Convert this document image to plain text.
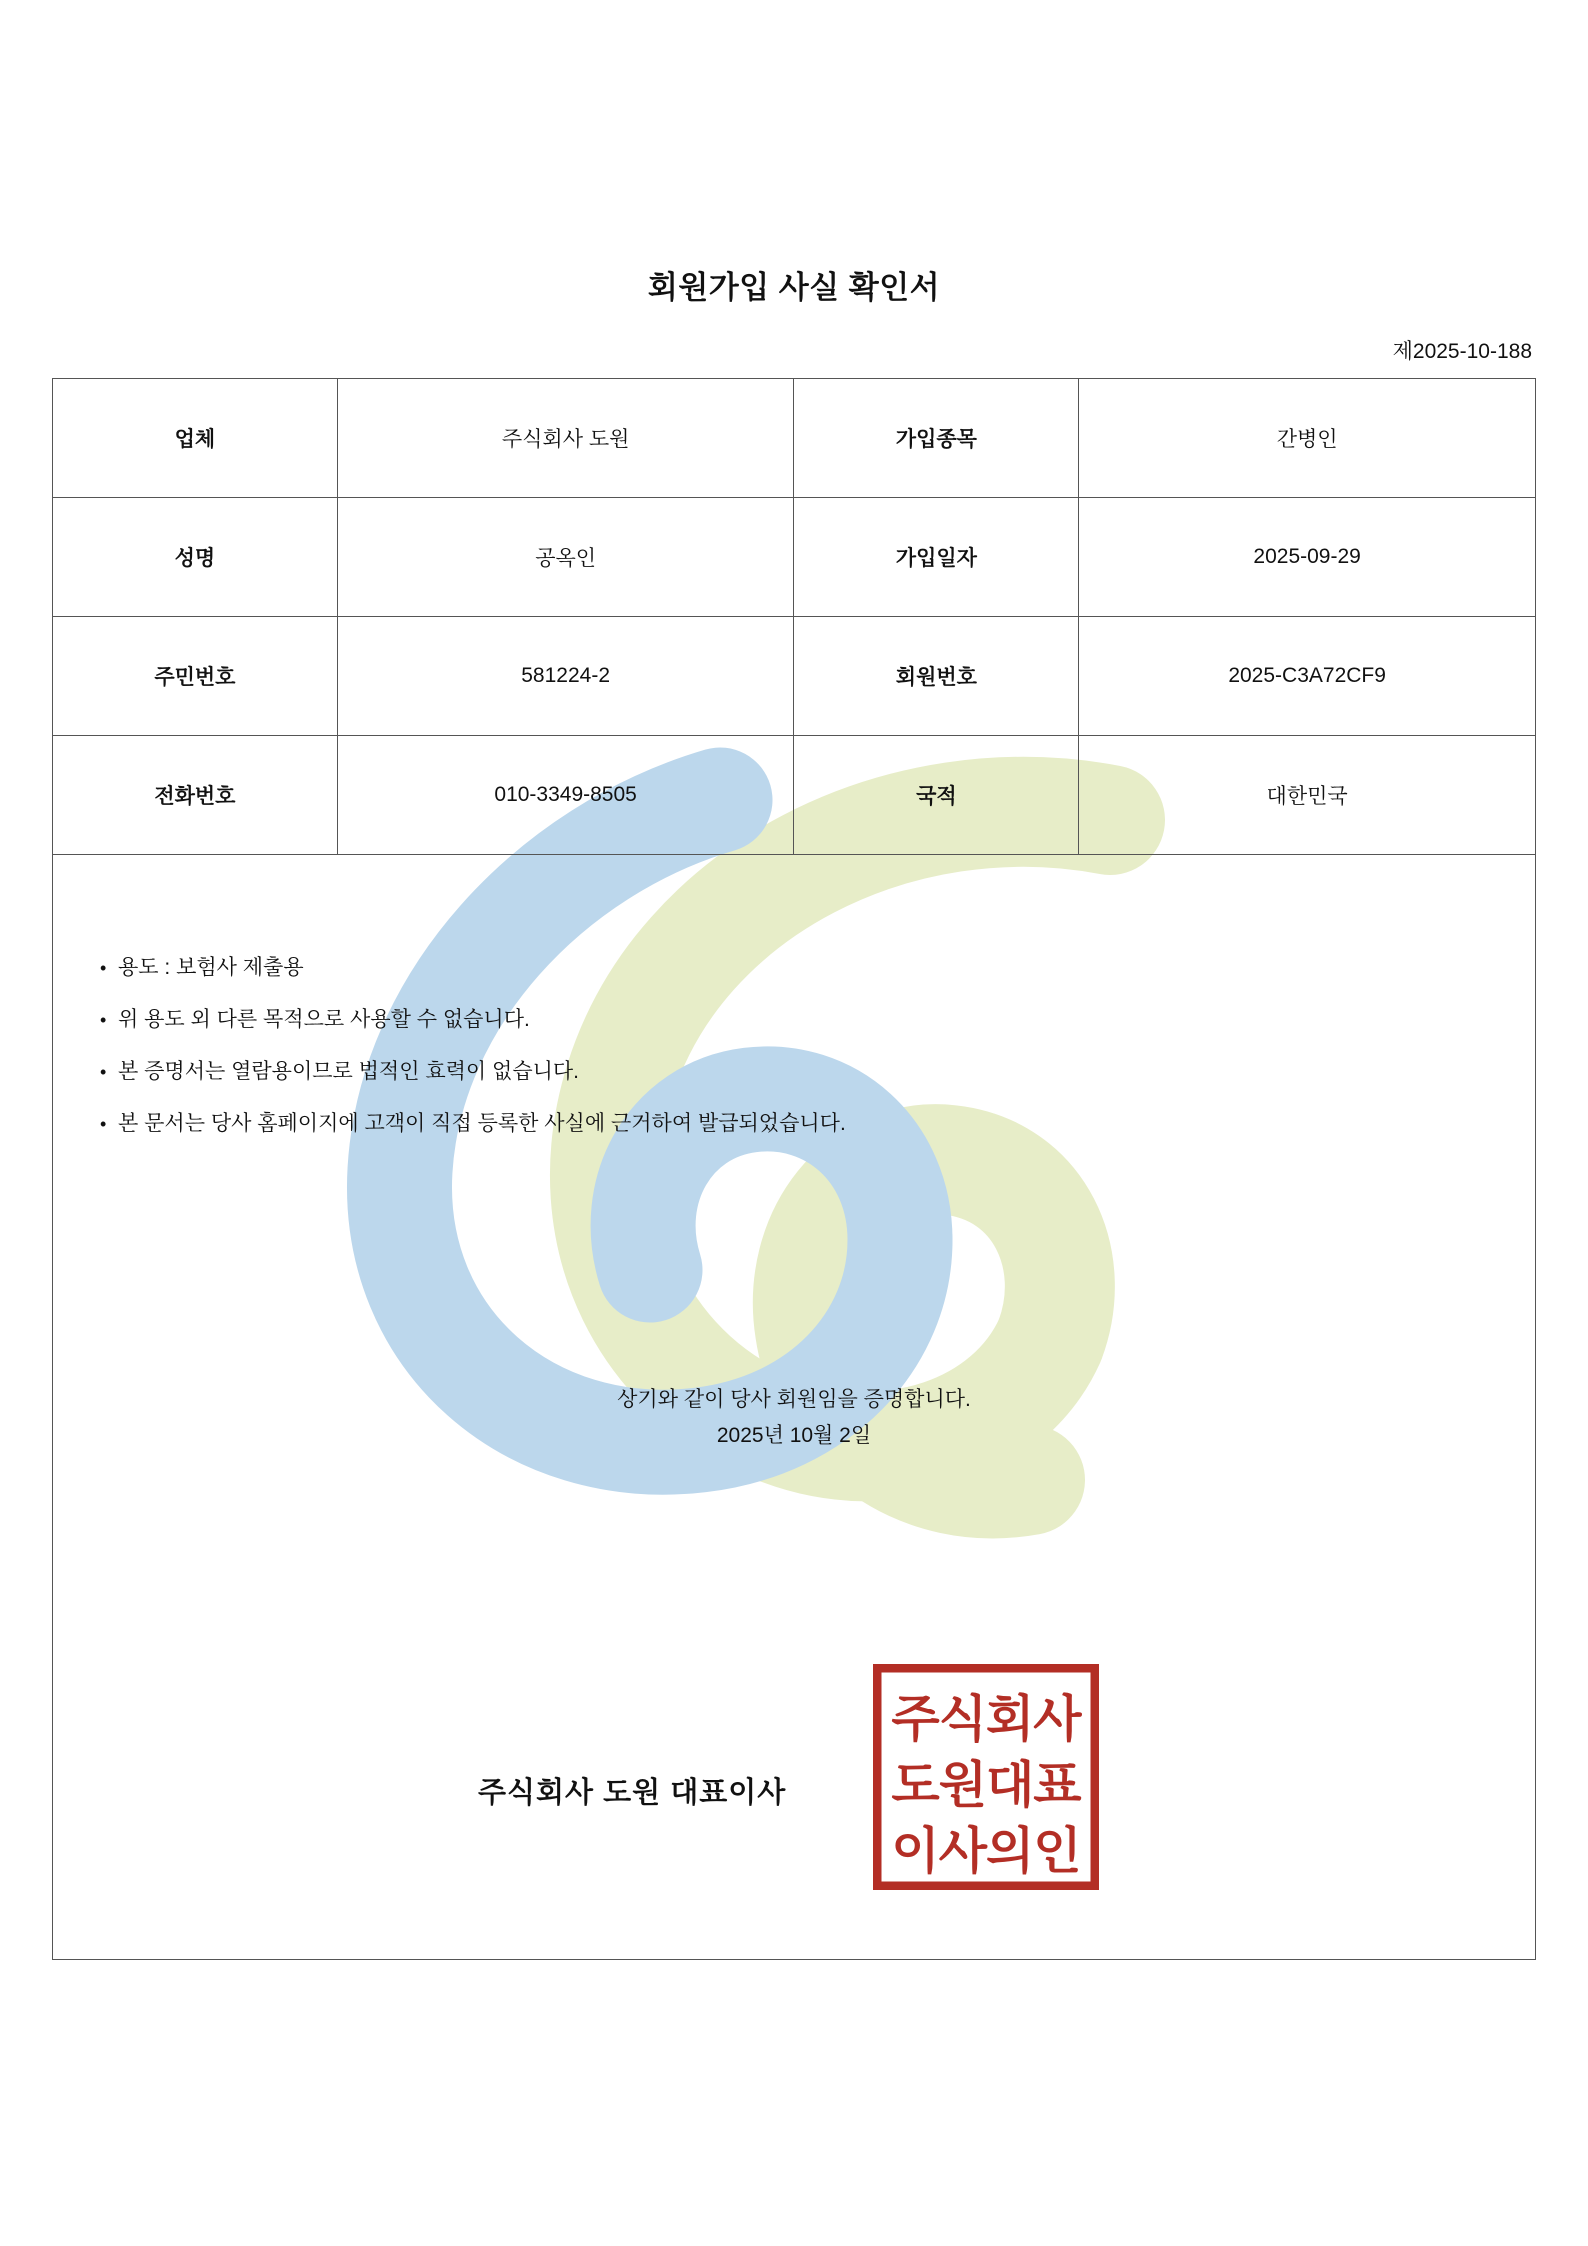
회원가입 사실 확인서
제2025-10-188
업체	주식회사 도원	가입종목	간병인
성명	공옥인	가입일자	2025-09-29
주민번호	581224-2	회원번호	2025-C3A72CF9
전화번호	010-3349-8505	국적	대한민국
• 용도 : 보험사 제출용
• 위 용도 외 다른 목적으로 사용할 수 없습니다.
• 본 증명서는 열람용이므로 법적인 효력이 없습니다.
• 본 문서는 당사 홈페이지에 고객이 직접 등록한 사실에 근거하여 발급되었습니다.
상기와 같이 당사 회원임을 증명합니다.
2025년 10월 2일
주식회사 도원 대표이사
주식회사
도원대표
이사의인
